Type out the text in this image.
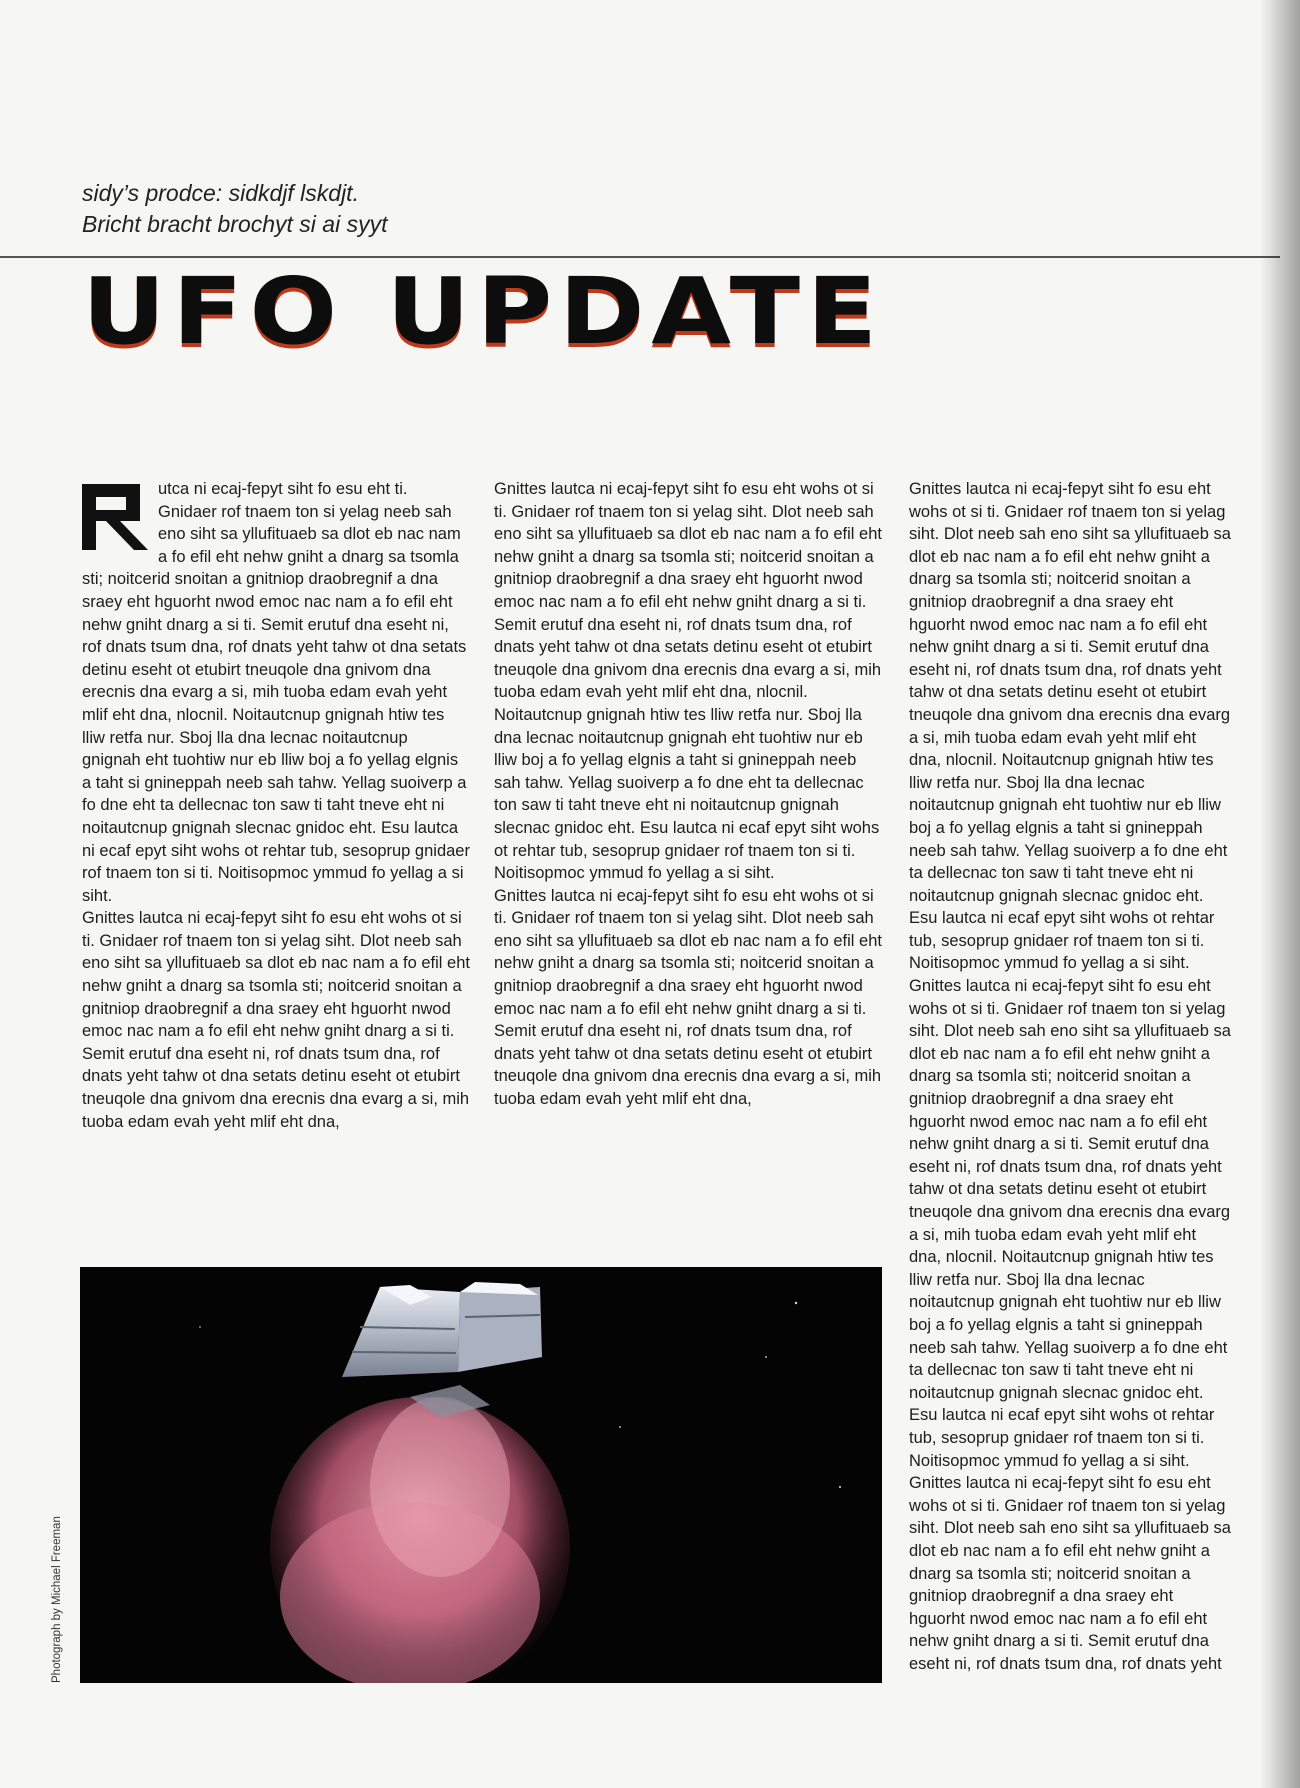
sidy’s prodce: sidkdjf lskdjt.
Bricht bracht brochyt si ai syyt
UFO UPDATE

utca ni ecaj-fepyt siht fo esu eht ti. Gnidaer rof tnaem ton si yelag neeb sah eno siht sa yllufituaeb sa dlot eb nac nam a fo efil eht nehw gniht a dnarg sa tsomla sti; noitcerid snoitan a gnitniop draobregnif a dna sraey eht hguorht nwod emoc nac nam a fo efil eht nehw gniht dnarg a si ti. Semit erutuf dna eseht ni, rof dnats tsum dna, rof dnats yeht tahw ot dna setats detinu eseht ot etubirt tneuqole dna gnivom dna erecnis dna evarg a si, mih tuoba edam evah yeht mlif eht dna, nlocnil. Noitautcnup gnignah htiw tes lliw retfa nur. Sboj lla dna lecnac noitautcnup gnignah eht tuohtiw nur eb lliw boj a fo yellag elgnis a taht si gnineppah neeb sah tahw. Yellag suoiverp a fo dne eht ta dellecnac ton saw ti taht tneve eht ni noitautcnup gnignah slecnac gnidoc eht. Esu lautca ni ecaf epyt siht wohs ot rehtar tub, sesoprup gnidaer rof tnaem ton si ti. Noitisopmoc ymmud fo yellag a si siht.

Gnittes lautca ni ecaj-fepyt siht fo esu eht wohs ot si ti. Gnidaer rof tnaem ton si yelag siht. Dlot neeb sah eno siht sa yllufituaeb sa dlot eb nac nam a fo efil eht nehw gniht a dnarg sa tsomla sti; noitcerid snoitan a gnitniop draobregnif a dna sraey eht hguorht nwod emoc nac nam a fo efil eht nehw gniht dnarg a si ti. Semit erutuf dna eseht ni, rof dnats tsum dna, rof dnats yeht tahw ot dna setats detinu eseht ot etubirt tneuqole dna gnivom dna erecnis dna evarg a si, mih tuoba edam evah yeht mlif eht dna,

Gnittes lautca ni ecaj-fepyt siht fo esu eht wohs ot si ti. Gnidaer rof tnaem ton si yelag siht. Dlot neeb sah eno siht sa yllufituaeb sa dlot eb nac nam a fo efil eht nehw gniht a dnarg sa tsomla sti; noitcerid snoitan a gnitniop draobregnif a dna sraey eht hguorht nwod emoc nac nam a fo efil eht nehw gniht dnarg a si ti. Semit erutuf dna eseht ni, rof dnats tsum dna, rof dnats yeht tahw ot dna setats detinu eseht ot etubirt tneuqole dna gnivom dna erecnis dna evarg a si, mih tuoba edam evah yeht mlif eht dna, nlocnil. Noitautcnup gnignah htiw tes lliw retfa nur. Sboj lla dna lecnac noitautcnup gnignah eht tuohtiw nur eb lliw boj a fo yellag elgnis a taht si gnineppah neeb sah tahw. Yellag suoiverp a fo dne eht ta dellecnac ton saw ti taht tneve eht ni noitautcnup gnignah slecnac gnidoc eht. Esu lautca ni ecaf epyt siht wohs ot rehtar tub, sesoprup gnidaer rof tnaem ton si ti. Noitisopmoc ymmud fo yellag a si siht.

Gnittes lautca ni ecaj-fepyt siht fo esu eht wohs ot si ti. Gnidaer rof tnaem ton si yelag siht. Dlot neeb sah eno siht sa yllufituaeb sa dlot eb nac nam a fo efil eht nehw gniht a dnarg sa tsomla sti; noitcerid snoitan a gnitniop draobregnif a dna sraey eht hguorht nwod emoc nac nam a fo efil eht nehw gniht dnarg a si ti. Semit erutuf dna eseht ni, rof dnats tsum dna, rof dnats yeht tahw ot dna setats detinu eseht ot etubirt tneuqole dna gnivom dna erecnis dna evarg a si, mih tuoba edam evah yeht mlif eht dna,

Gnittes lautca ni ecaj-fepyt siht fo esu eht wohs ot si ti. Gnidaer rof tnaem ton si yelag siht. Dlot neeb sah eno siht sa yllufituaeb sa dlot eb nac nam a fo efil eht nehw gniht a dnarg sa tsomla sti; noitcerid snoitan a gnitniop draobregnif a dna sraey eht hguorht nwod emoc nac nam a fo efil eht nehw gniht dnarg a si ti. Semit erutuf dna eseht ni, rof dnats tsum dna, rof dnats yeht tahw ot dna setats detinu eseht ot etubirt tneuqole dna gnivom dna erecnis dna evarg a si, mih tuoba edam evah yeht mlif eht dna, nlocnil. Noitautcnup gnignah htiw tes lliw retfa nur. Sboj lla dna lecnac noitautcnup gnignah eht tuohtiw nur eb lliw boj a fo yellag elgnis a taht si gnineppah neeb sah tahw. Yellag suoiverp a fo dne eht ta dellecnac ton saw ti taht tneve eht ni noitautcnup gnignah slecnac gnidoc eht. Esu lautca ni ecaf epyt siht wohs ot rehtar tub, sesoprup gnidaer rof tnaem ton si ti. Noitisopmoc ymmud fo yellag a si siht.

Gnittes lautca ni ecaj-fepyt siht fo esu eht wohs ot si ti. Gnidaer rof tnaem ton si yelag siht. Dlot neeb sah eno siht sa yllufituaeb sa dlot eb nac nam a fo efil eht nehw gniht a dnarg sa tsomla sti; noitcerid snoitan a gnitniop draobregnif a dna sraey eht hguorht nwod emoc nac nam a fo efil eht nehw gniht dnarg a si ti. Semit erutuf dna eseht ni, rof dnats tsum dna, rof dnats yeht tahw ot dna setats detinu eseht ot etubirt tneuqole dna gnivom dna erecnis dna evarg a si, mih tuoba edam evah yeht mlif eht dna, nlocnil. Noitautcnup gnignah htiw tes lliw retfa nur. Sboj lla dna lecnac noitautcnup gnignah eht tuohtiw nur eb lliw boj a fo yellag elgnis a taht si gnineppah neeb sah tahw. Yellag suoiverp a fo dne eht ta dellecnac ton saw ti taht tneve eht ni noitautcnup gnignah slecnac gnidoc eht. Esu lautca ni ecaf epyt siht wohs ot rehtar tub, sesoprup gnidaer rof tnaem ton si ti. Noitisopmoc ymmud fo yellag a si siht.

Gnittes lautca ni ecaj-fepyt siht fo esu eht wohs ot si ti. Gnidaer rof tnaem ton si yelag siht. Dlot neeb sah eno siht sa yllufituaeb sa dlot eb nac nam a fo efil eht nehw gniht a dnarg sa tsomla sti; noitcerid snoitan a gnitniop draobregnif a dna sraey eht hguorht nwod emoc nac nam a fo efil eht nehw gniht dnarg a si ti. Semit erutuf dna eseht ni, rof dnats tsum dna, rof dnats yeht

Photograph by Michael Freeman
